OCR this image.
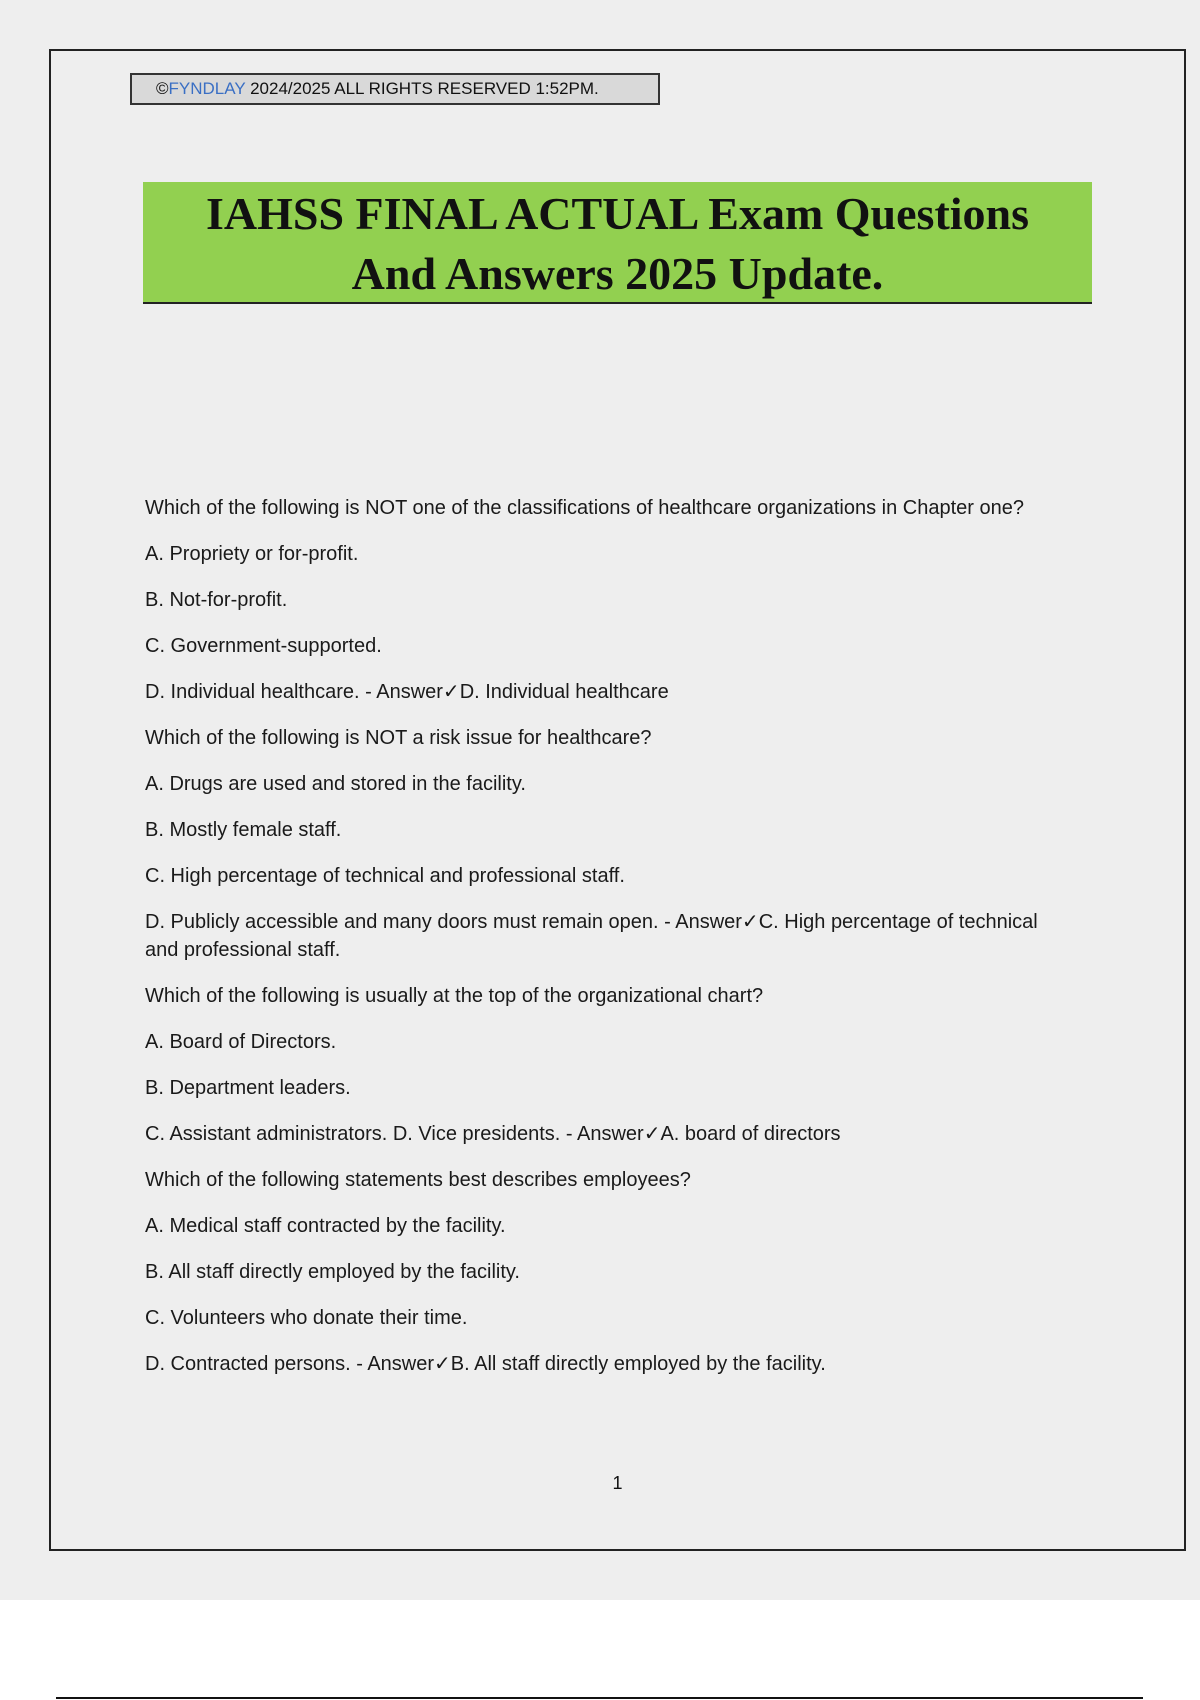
©FYNDLAY 2024/2025 ALL RIGHTS RESERVED 1:52PM.
IAHSS FINAL ACTUAL Exam Questions
And Answers 2025 Update.

Which of the following is NOT one of the classifications of healthcare organizations in Chapter one?

A. Propriety or for-profit.

B. Not-for-profit.

C. Government-supported.

D. Individual healthcare. - Answer✓D. Individual healthcare

Which of the following is NOT a risk issue for healthcare?

A. Drugs are used and stored in the facility.

B. Mostly female staff.

C. High percentage of technical and professional staff.

D. Publicly accessible and many doors must remain open. - Answer✓C. High percentage of technical and professional staff.

Which of the following is usually at the top of the organizational chart?

A. Board of Directors.

B. Department leaders.

C. Assistant administrators. D. Vice presidents. - Answer✓A. board of directors

Which of the following statements best describes employees?

A. Medical staff contracted by the facility.

B. All staff directly employed by the facility.

C. Volunteers who donate their time.

D. Contracted persons. - Answer✓B. All staff directly employed by the facility.

1
